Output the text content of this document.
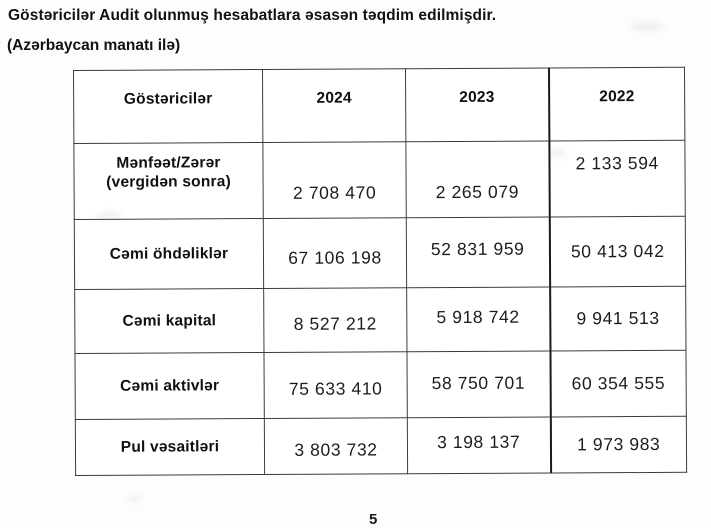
Göstəricilər Audit olunmuş hesabatlara əsasən təqdim edilmişdir.
(Azərbaycan manatı ilə)
Göstəricilər	2024	2023	2022
Mənfəət/Zərər (vergidən sonra)	2 708 470	2 265 079	2 133 594
Cəmi öhdəliklər	67 106 198	52 831 959	50 413 042
Cəmi kapital	8 527 212	5 918 742	9 941 513
Cəmi aktivlər	75 633 410	58 750 701	60 354 555
Pul vəsaitləri	3 803 732	3 198 137	1 973 983
5
